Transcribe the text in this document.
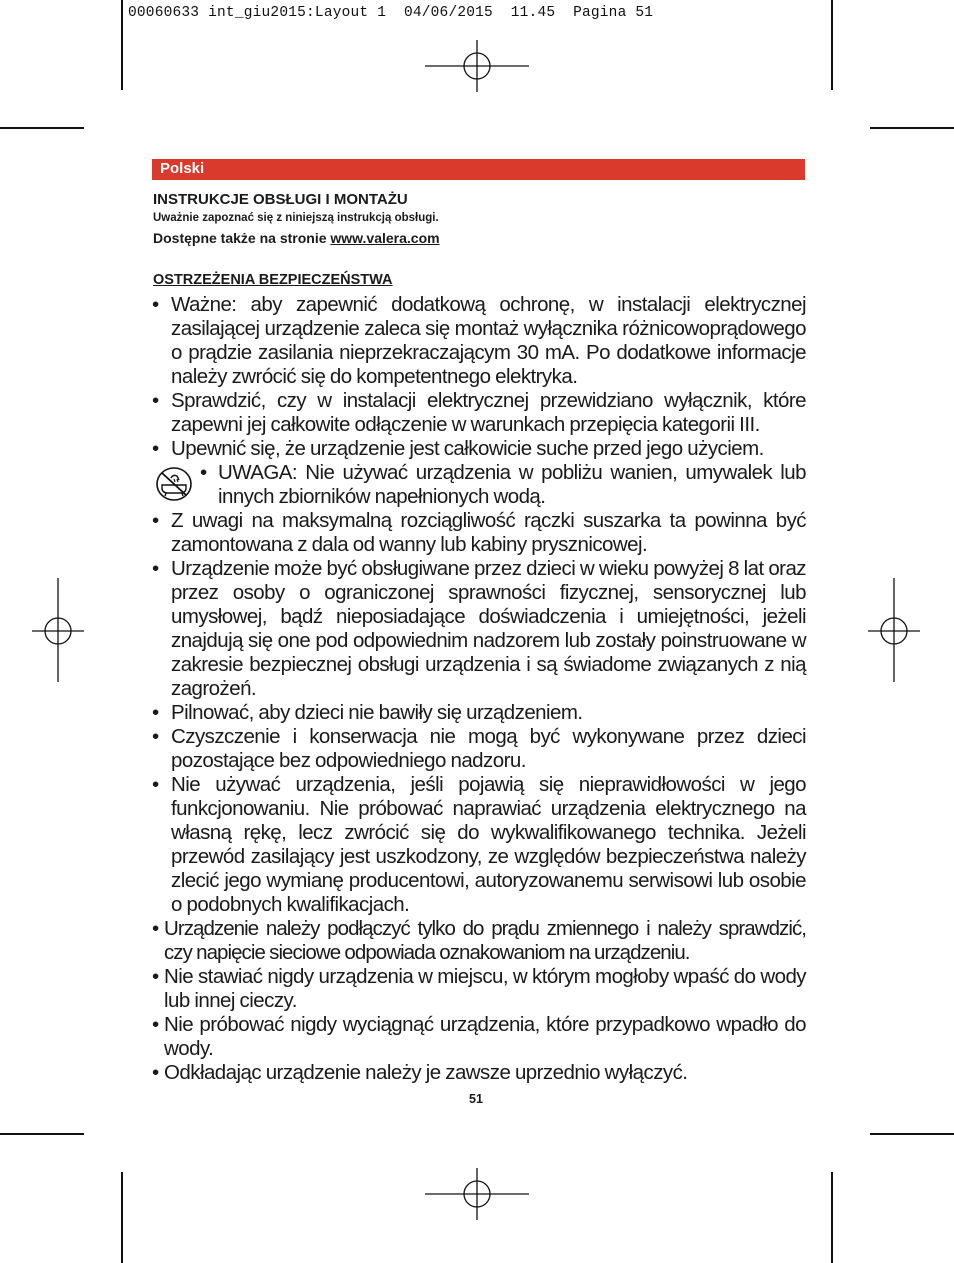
00060633 int_giu2015:Layout 1  04/06/2015  11.45  Pagina 51
Polski
INSTRUKCJE OBSŁUGI I MONTAŻU
Uważnie zapoznać się z niniejszą instrukcją obsługi.
Dostępne także na stronie www.valera.com
OSTRZEŻENIA BEZPIECZEŃSTWA
• Ważne: aby zapewnić dodatkową ochronę, w instalacji elektrycznej zasilającej urządzenie zaleca się montaż wyłącznika różnicowoprądowego o prądzie zasilania nieprzekraczającym 30 mA. Po dodatkowe informacje należy zwrócić się do kompetentnego elektryka.
• Sprawdzić, czy w instalacji elektrycznej przewidziano wyłącznik, które zapewni jej całkowite odłączenie w warunkach przepięcia kategorii III.
• Upewnić się, że urządzenie jest całkowicie suche przed jego użyciem.
• UWAGA: Nie używać urządzenia w pobliżu wanien, umywalek lub innych zbiorników napełnionych wodą.
• Z uwagi na maksymalną rozciągliwość rączki suszarka ta powinna być zamontowana z dala od wanny lub kabiny prysznicowej.
• Urządzenie może być obsługiwane przez dzieci w wieku powyżej 8 lat oraz przez osoby o ograniczonej sprawności fizycznej, sensorycznej lub umysłowej, bądź nieposiadające doświadczenia i umiejętności, jeżeli znajdują się one pod odpowiednim nadzorem lub zostały poinstruowane w zakresie bezpiecznej obsługi urządzenia i są świadome związanych z nią zagrożeń.
• Pilnować, aby dzieci nie bawiły się urządzeniem.
• Czyszczenie i konserwacja nie mogą być wykonywane przez dzieci pozostające bez odpowiedniego nadzoru.
• Nie używać urządzenia, jeśli pojawią się nieprawidłowości w jego funkcjonowaniu. Nie próbować naprawiać urządzenia elektrycznego na własną rękę, lecz zwrócić się do wykwalifikowanego technika. Jeżeli przewód zasilający jest uszkodzony, ze względów bezpieczeństwa należy zlecić jego wymianę producentowi, autoryzowanemu serwisowi lub osobie o podobnych kwalifikacjach.
• Urządzenie należy podłączyć tylko do prądu zmiennego i należy sprawdzić, czy napięcie sieciowe odpowiada oznakowaniom na urządzeniu.
• Nie stawiać nigdy urządzenia w miejscu, w którym mogłoby wpaść do wody lub innej cieczy.
• Nie próbować nigdy wyciągnąć urządzenia, które przypadkowo wpadło do wody.
• Odkładając urządzenie należy je zawsze uprzednio wyłączyć.
51
